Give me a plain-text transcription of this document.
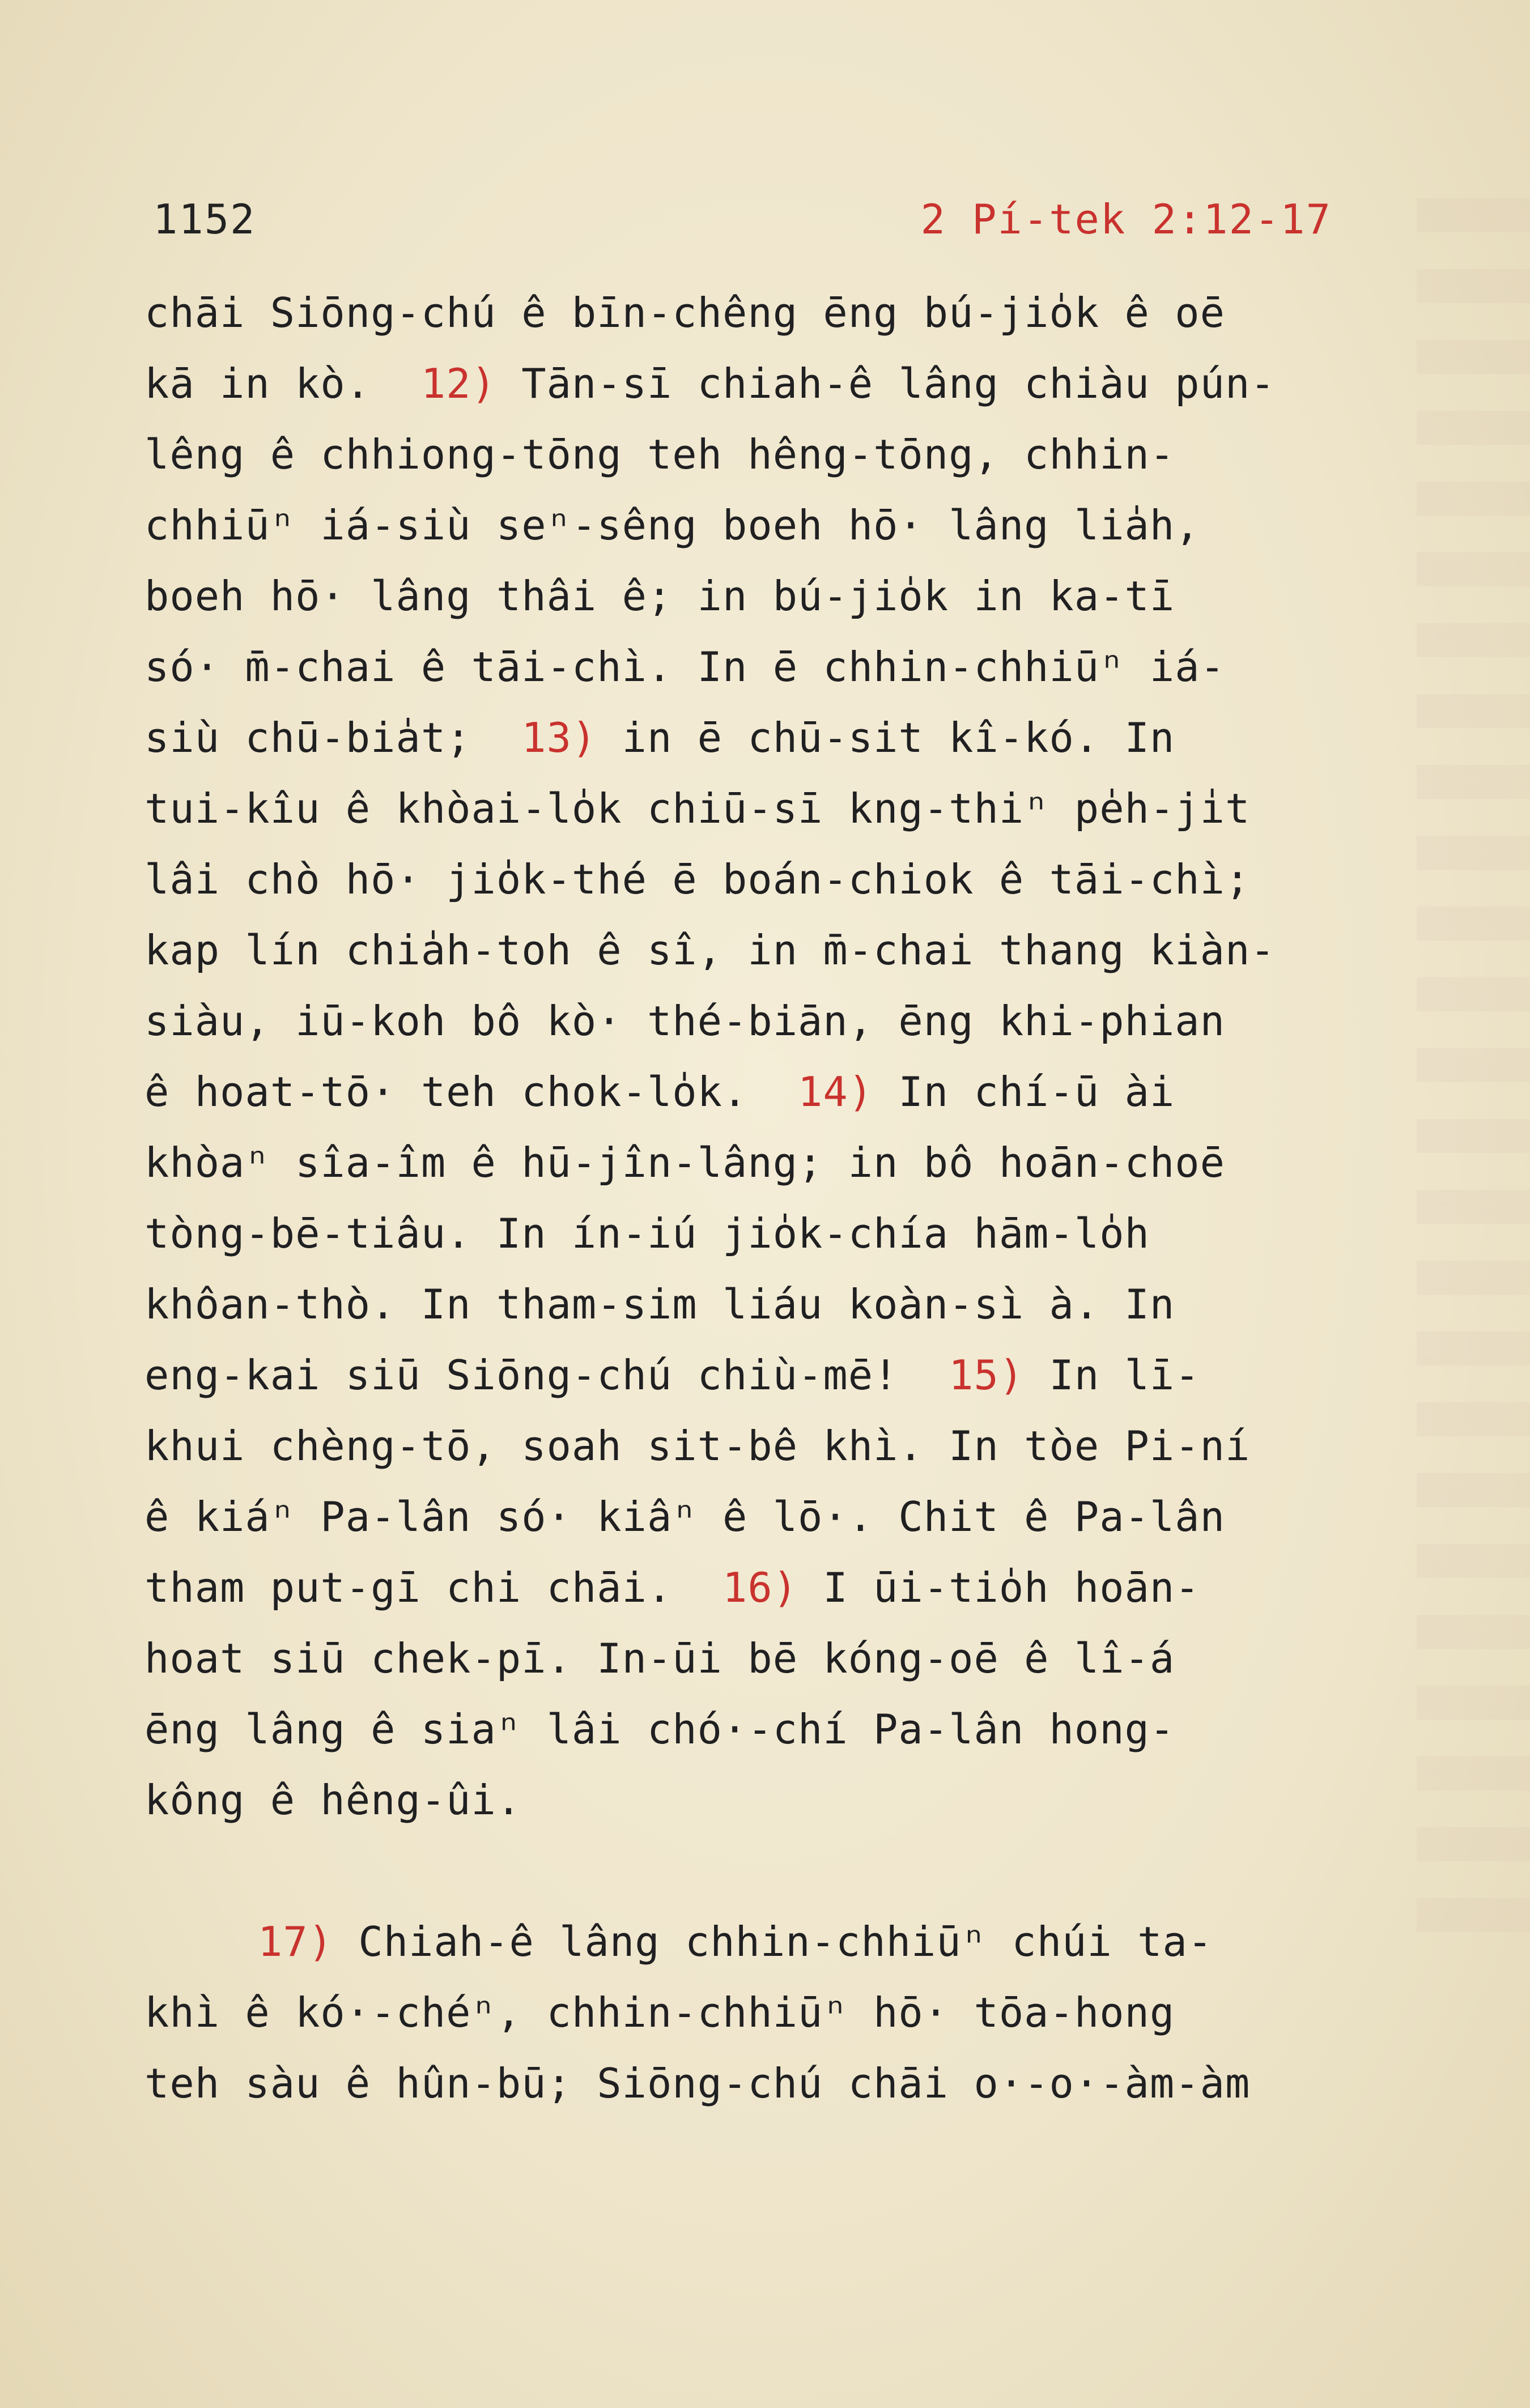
1152	2 Pí-tek 2:12-17
chāi Siōng-chú ê bīn-chêng ēng bú-jio̍k ê oē
kā in kò.  12) Tān-sī chiah-ê lâng chiàu pún-
lêng ê chhiong-tōng teh hêng-tōng, chhin-
chhiūⁿ iá-siù seⁿ-sêng boeh hō· lâng lia̍h,
boeh hō· lâng thâi ê; in bú-jio̍k in ka-tī
só· m̄-chai ê tāi-chì. In ē chhin-chhiūⁿ iá-
siù chū-bia̍t;  13) in ē chū-sit kî-kó. In
tui-kîu ê khòai-lo̍k chiū-sī kng-thiⁿ pe̍h-ji̍t
lâi chò hō· jio̍k-thé ē boán-chiok ê tāi-chì;
kap lín chia̍h-toh ê sî, in m̄-chai thang kiàn-
siàu, iū-koh bô kò· thé-biān, ēng khi-phian
ê hoat-tō· teh chok-lo̍k.  14) In chí-ū ài
khòaⁿ sîa-îm ê hū-jîn-lâng; in bô hoān-choē
tòng-bē-tiâu. In ín-iú jio̍k-chía hām-lo̍h
khôan-thò. In tham-sim liáu koàn-sì à. In
eng-kai siū Siōng-chú chiù-mē!  15) In lī-
khui chèng-tō, soah sit-bê khì. In tòe Pi-ní
ê kiáⁿ Pa-lân só· kiâⁿ ê lō·. Chit ê Pa-lân
tham put-gī chi chāi.  16) I ūi-tio̍h hoān-
hoat siū chek-pī. In-ūi bē kóng-oē ê lî-á
ēng lâng ê siaⁿ lâi chó·-chí Pa-lân hong-
kông ê hêng-ûi.
17) Chiah-ê lâng chhin-chhiūⁿ chúi ta-
khì ê kó·-chéⁿ, chhin-chhiūⁿ hō· tōa-hong
teh sàu ê hûn-bū; Siōng-chú chāi o·-o·-àm-àm
